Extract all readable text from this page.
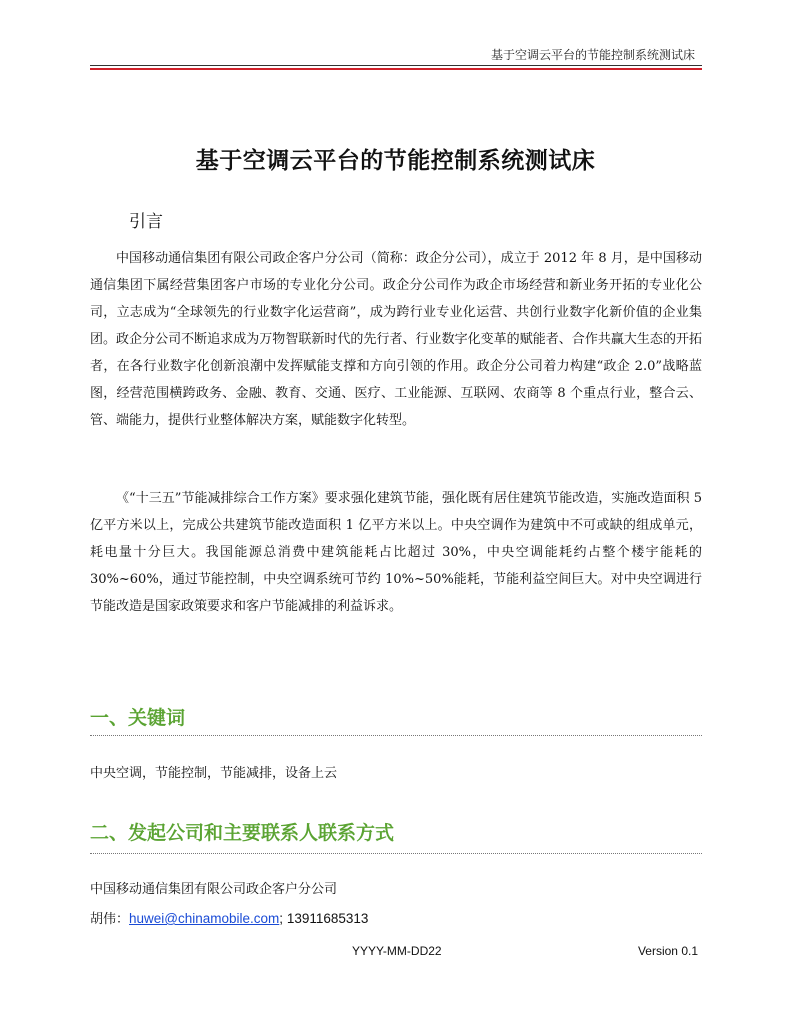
基于空调云平台的节能控制系统测试床
基于空调云平台的节能控制系统测试床
引言

中国移动通信集团有限公司政企客户分公司（简称：政企分公司），成立于 2012 年 8 月，是中国移动通信集团下属经营集团客户市场的专业化分公司。政企分公司作为政企市场经营和新业务开拓的专业化公司，立志成为“全球领先的行业数字化运营商”，成为跨行业专业化运营、共创行业数字化新价值的企业集团。政企分公司不断追求成为万物智联新时代的先行者、行业数字化变革的赋能者、合作共赢大生态的开拓者，在各行业数字化创新浪潮中发挥赋能支撑和方向引领的作用。政企分公司着力构建“政企 2.0”战略蓝图，经营范围横跨政务、金融、教育、交通、医疗、工业能源、互联网、农商等 8 个重点行业，整合云、管、端能力，提供行业整体解决方案，赋能数字化转型。

《“十三五”节能减排综合工作方案》要求强化建筑节能，强化既有居住建筑节能改造，实施改造面积 5 亿平方米以上，完成公共建筑节能改造面积 1 亿平方米以上。中央空调作为建筑中不可或缺的组成单元，耗电量十分巨大。我国能源总消费中建筑能耗占比超过 30%，中央空调能耗约占整个楼宇能耗的 30%~60%，通过节能控制，中央空调系统可节约 10%~50%能耗，节能利益空间巨大。对中央空调进行节能改造是国家政策要求和客户节能减排的利益诉求。

一、关键词
中央空调，节能控制，节能减排，设备上云
二、发起公司和主要联系人联系方式
中国移动通信集团有限公司政企客户分公司
胡伟：huwei@chinamobile.com; 13911685313
YYYY-MM-DD22	Version 0.1
